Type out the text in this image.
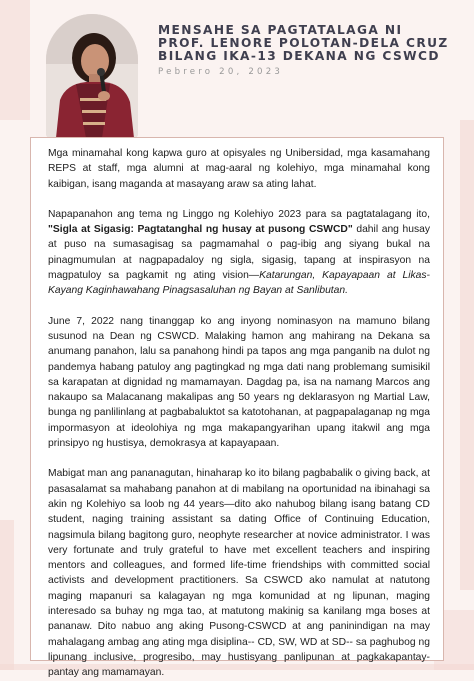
MENSAHE SA PAGTATALAGA NI

PROF. LENORE POLOTAN-DELA CRUZ

BILANG IKA-13 DEKANA NG CSWCD

Pebrero 20, 2023

Mga minamahal kong kapwa guro at opisyales ng Unibersidad, mga kasamahang REPS at staff, mga alumni at mag-aaral ng kolehiyo, mga minamahal kong kaibigan, isang maganda at masayang araw sa ating lahat.

Napapanahon ang tema ng Linggo ng Kolehiyo 2023 para sa pagtatalagang ito, "Sigla at Sigasig: Pagtatanghal ng husay at pusong CSWCD" dahil ang husay at puso na sumasagisag sa pagmamahal o pag-ibig ang siyang bukal na pinagmumulan at nagpapadaloy ng sigla, sigasig, tapang at inspirasyon na magpatuloy sa pagkamit ng ating vision—Katarungan, Kapayapaan at Likas-Kayang Kaginhawahang Pinagsasaluhan ng Bayan at Sanlibutan.

June 7, 2022 nang tinanggap ko ang inyong nominasyon na mamuno bilang susunod na Dean ng CSWCD. Malaking hamon ang mahirang na Dekana sa anumang panahon, lalu sa panahong hindi pa tapos ang mga panganib na dulot ng pandemya habang patuloy ang pagtingkad ng mga dati nang problemang sumisikil sa karapatan at dignidad ng mamamayan. Dagdag pa, isa na namang Marcos ang nakaupo sa Malacanang makalipas ang 50 years ng deklarasyon ng Martial Law, bunga ng panlilinlang at pagbabaluktot sa katotohanan, at pagpapalaganap ng mga impormasyon at ideolohiya ng mga makapangyarihan upang itakwil ang mga prinsipyo ng hustisya, demokrasya at kapayapaan.

Mabigat man ang pananagutan, hinaharap ko ito bilang pagbabalik o giving back, at pasasalamat sa mahabang panahon at di mabilang na oportunidad na ibinahagi sa akin ng Kolehiyo sa loob ng 44 years—dito ako nahubog bilang isang batang CD student, naging training assistant sa dating Office of Continuing Education, nagsimula bilang bagitong guro, neophyte researcher at novice administrator. I was very fortunate and truly grateful to have met excellent teachers and inspiring mentors and colleagues, and formed life-time friendships with committed social activists and development practitioners. Sa CSWCD ako namulat at natutong maging mapanuri sa kalagayan ng mga komunidad at ng lipunan, maging interesado sa buhay ng mga tao, at matutong makinig sa kanilang mga boses at pananaw. Dito nabuo ang aking Pusong-CSWCD at ang paninindigan na may mahalagang ambag ang ating mga disiplina-- CD, SW, WD at SD-- sa paghubog ng lipunang inclusive, progresibo, may hustisyang panlipunan at pagkakapantay-pantay ang mamamayan.
